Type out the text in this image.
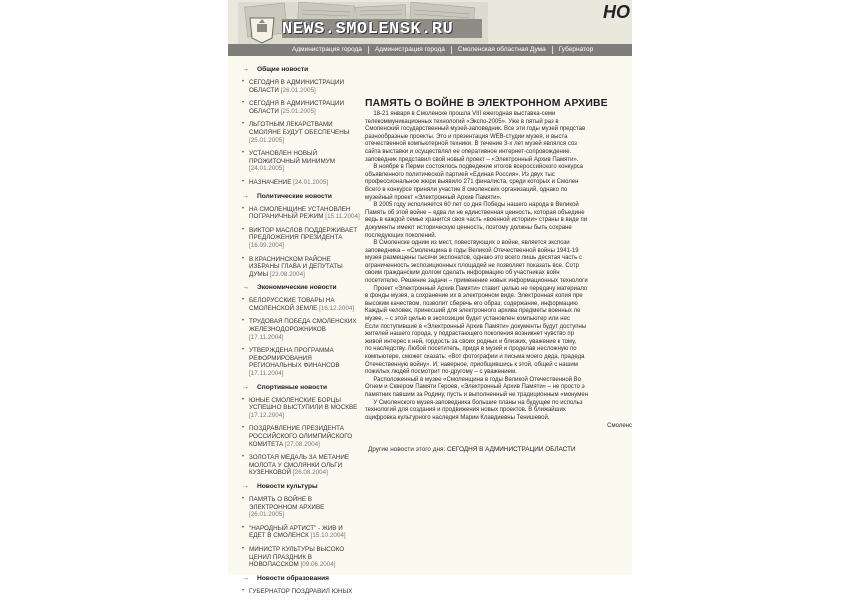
NEWS.SMOLENSK.RU
НО
Администрация города	Администрация города	Смоленская областная Дума	Губернатор
→ Общие новости
• СЕГОДНЯ В АДМИНИСТРАЦИИ ОБЛАСТИ [26.01.2005]
• СЕГОДНЯ В АДМИНИСТРАЦИИ ОБЛАСТИ [25.01.2005]
• ЛЬГОТНЫМ ЛЕКАРСТВАМИ СМОЛЯНЕ БУДУТ ОБЕСПЕЧЕНЫ [25.01.2005]
• УСТАНОВЛЕН НОВЫЙ ПРОЖИТОЧНЫЙ МИНИМУМ [24.01.2005]
• НАЗНАЧЕНИЕ [24.01.2005]
→ Политические новости
• НА СМОЛЕНЩИНЕ УСТАНОВЛЕН ПОГРАНИЧНЫЙ РЕЖИМ [15.11.2004]
• ВИКТОР МАСЛОВ ПОДДЕРЖИВАЕТ ПРЕДЛОЖЕНИЯ ПРЕЗИДЕНТА [16.09.2004]
• В КРАСНИНСКОМ РАЙОНЕ ИЗБРАНЫ ГЛАВА И ДЕПУТАТЫ ДУМЫ [23.08.2004]
→ Экономические новости
• БЕЛОРУССКИЕ ТОВАРЫ НА СМОЛЕНСКОЙ ЗЕМЛЕ [16.12.2004]
• ТРУДОВАЯ ПОБЕДА СМОЛЕНСКИХ ЖЕЛЕЗНОДОРОЖНИКОВ [17.11.2004]
• УТВЕРЖДЕНА ПРОГРАММА РЕФОРМИРОВАНИЯ РЕГИОНАЛЬНЫХ ФИНАНСОВ [17.11.2004]
→ Спортивные новости
• ЮНЫЕ СМОЛЕНСКИЕ БОРЦЫ УСПЕШНО ВЫСТУПИЛИ В МОСКВЕ [17.12.2004]
• ПОЗДРАВЛЕНИЕ ПРЕЗИДЕНТА РОССИЙСКОГО ОЛИМПИЙСКОГО КОМИТЕТА [27.08.2004]
• ЗОЛОТАЯ МЕДАЛЬ ЗА МЕТАНИЕ МОЛОТА У СМОЛЯНКИ ОЛЬГИ КУЗЕНКОВОЙ [26.08.2004]
→ Новости культуры
• ПАМЯТЬ О ВОЙНЕ В ЭЛЕКТРОННОМ АРХИВЕ [26.01.2005]
• "НАРОДНЫЙ АРТИСТ" - ЖИВ И ЕДЕТ В СМОЛЕНСК [15.10.2004]
• МИНИСТР КУЛЬТУРЫ ВЫСОКО ЦЕНИЛ ПРАЗДНИК В НОВОПАССКОМ [09.06.2004]
→ Новости образования
• ГУБЕРНАТОР ПОЗДРАВИЛ ЮНЫХ
ПАМЯТЬ О ВОЙНЕ В ЭЛЕКТРОННОМ АРХИВЕ
18-21 января в Смоленске прошла VIII ежегодная выставка-семи
телекоммуникационных технологий «Экспо-2005». Уже в пятый раз в
Смоленский государственный музей-заповедник. Все эти годы музей представ
разнообразные проекты. Это и презентация WEB-студии музея, и выста
отечественной компьютерной техники. В течение 3-х лет музей являлся соз
сайта выставки и осуществлял ее оперативное интернет-сопровождение.
заповедник представил свой новый проект – «Электронный Архив Памяти».
В ноябре в Перми состоялось подведение итогов всероссийского конкурса
объявленного политической партией «Единая Россия». Из двух тыс
профессиональное жюри выявило 271 финалиста, среди которых и Смолен
Всего в конкурсе приняли участие 8 смоленских организаций, однако по
музейный проект «Электронный Архив Памяти».
В 2005 году исполняется 60 лет со дня Победы нашего народа в Великой
Память об этой войне – едва ли не единственная ценность, которая объедине
ведь в каждой семье хранится своя часть «военной истории» страны в виде пи
документы имеют историческую ценность, поэтому должны быть сохране
последующих поколений.
В Смоленске одним из мест, повествующих о войне, является экспози
заповедника – «Смоленщина в годы Великой Отечественной войны 1941-19
музея размещены тысячи экспонатов, однако это всего лишь десятая часть с
ограниченность экспозиционных площадей не позволяет показать все. Сотр
своим гражданским долгом сделать информацию об участниках войн
посетителю. Решение задачи – применение новых информационных технологи
Проект «Электронный Архив Памяти» ставит целью не передачу материало
в фонды музея, а сохранение их в электронном виде. Электронная копия пре
высоким качеством, позволит сберечь его образ, содержание, информацию
Каждый человек, принесший для электронного архива предметы военных ле
музее, – с этой целью в экспозиции будет установлен компьютер или нес
Если поступившие в «Электронный Архив Памяти» документы будут доступны
жителей нашего города, у подрастающего поколения возникнет чувство пр
живой интерес к ней, гордость за своих родных и близких, уважение к тому,
по наследству. Любой посетитель, придя в музей и проделав несложную по
компьютере, сможет сказать: «Вот фотографии и письма моего деда, прадеда
Отечественную войну». И, наверное, приобщившись к этой, общей с нашим
пожилых людей посмотрит по-другому – с уважением.
Расположенный в музее «Смоленщина в годы Великой Отечественной Во
Огнем и Сквером Памяти Героев, «Электронный Архив Памяти» – не просто э
памятник павшим за Родину, пусть и выполненный не традиционным «монумен
У Смоленского музея-заповедника большие планы на будущее по использ
технологий для создания и продвижения новых проектов. В ближайших
оцифровка культурного наследия Марии Клавдиевны Тенишевой.
Смоленс
Другие новости этого дня: СЕГОДНЯ В АДМИНИСТРАЦИИ ОБЛАСТИ
